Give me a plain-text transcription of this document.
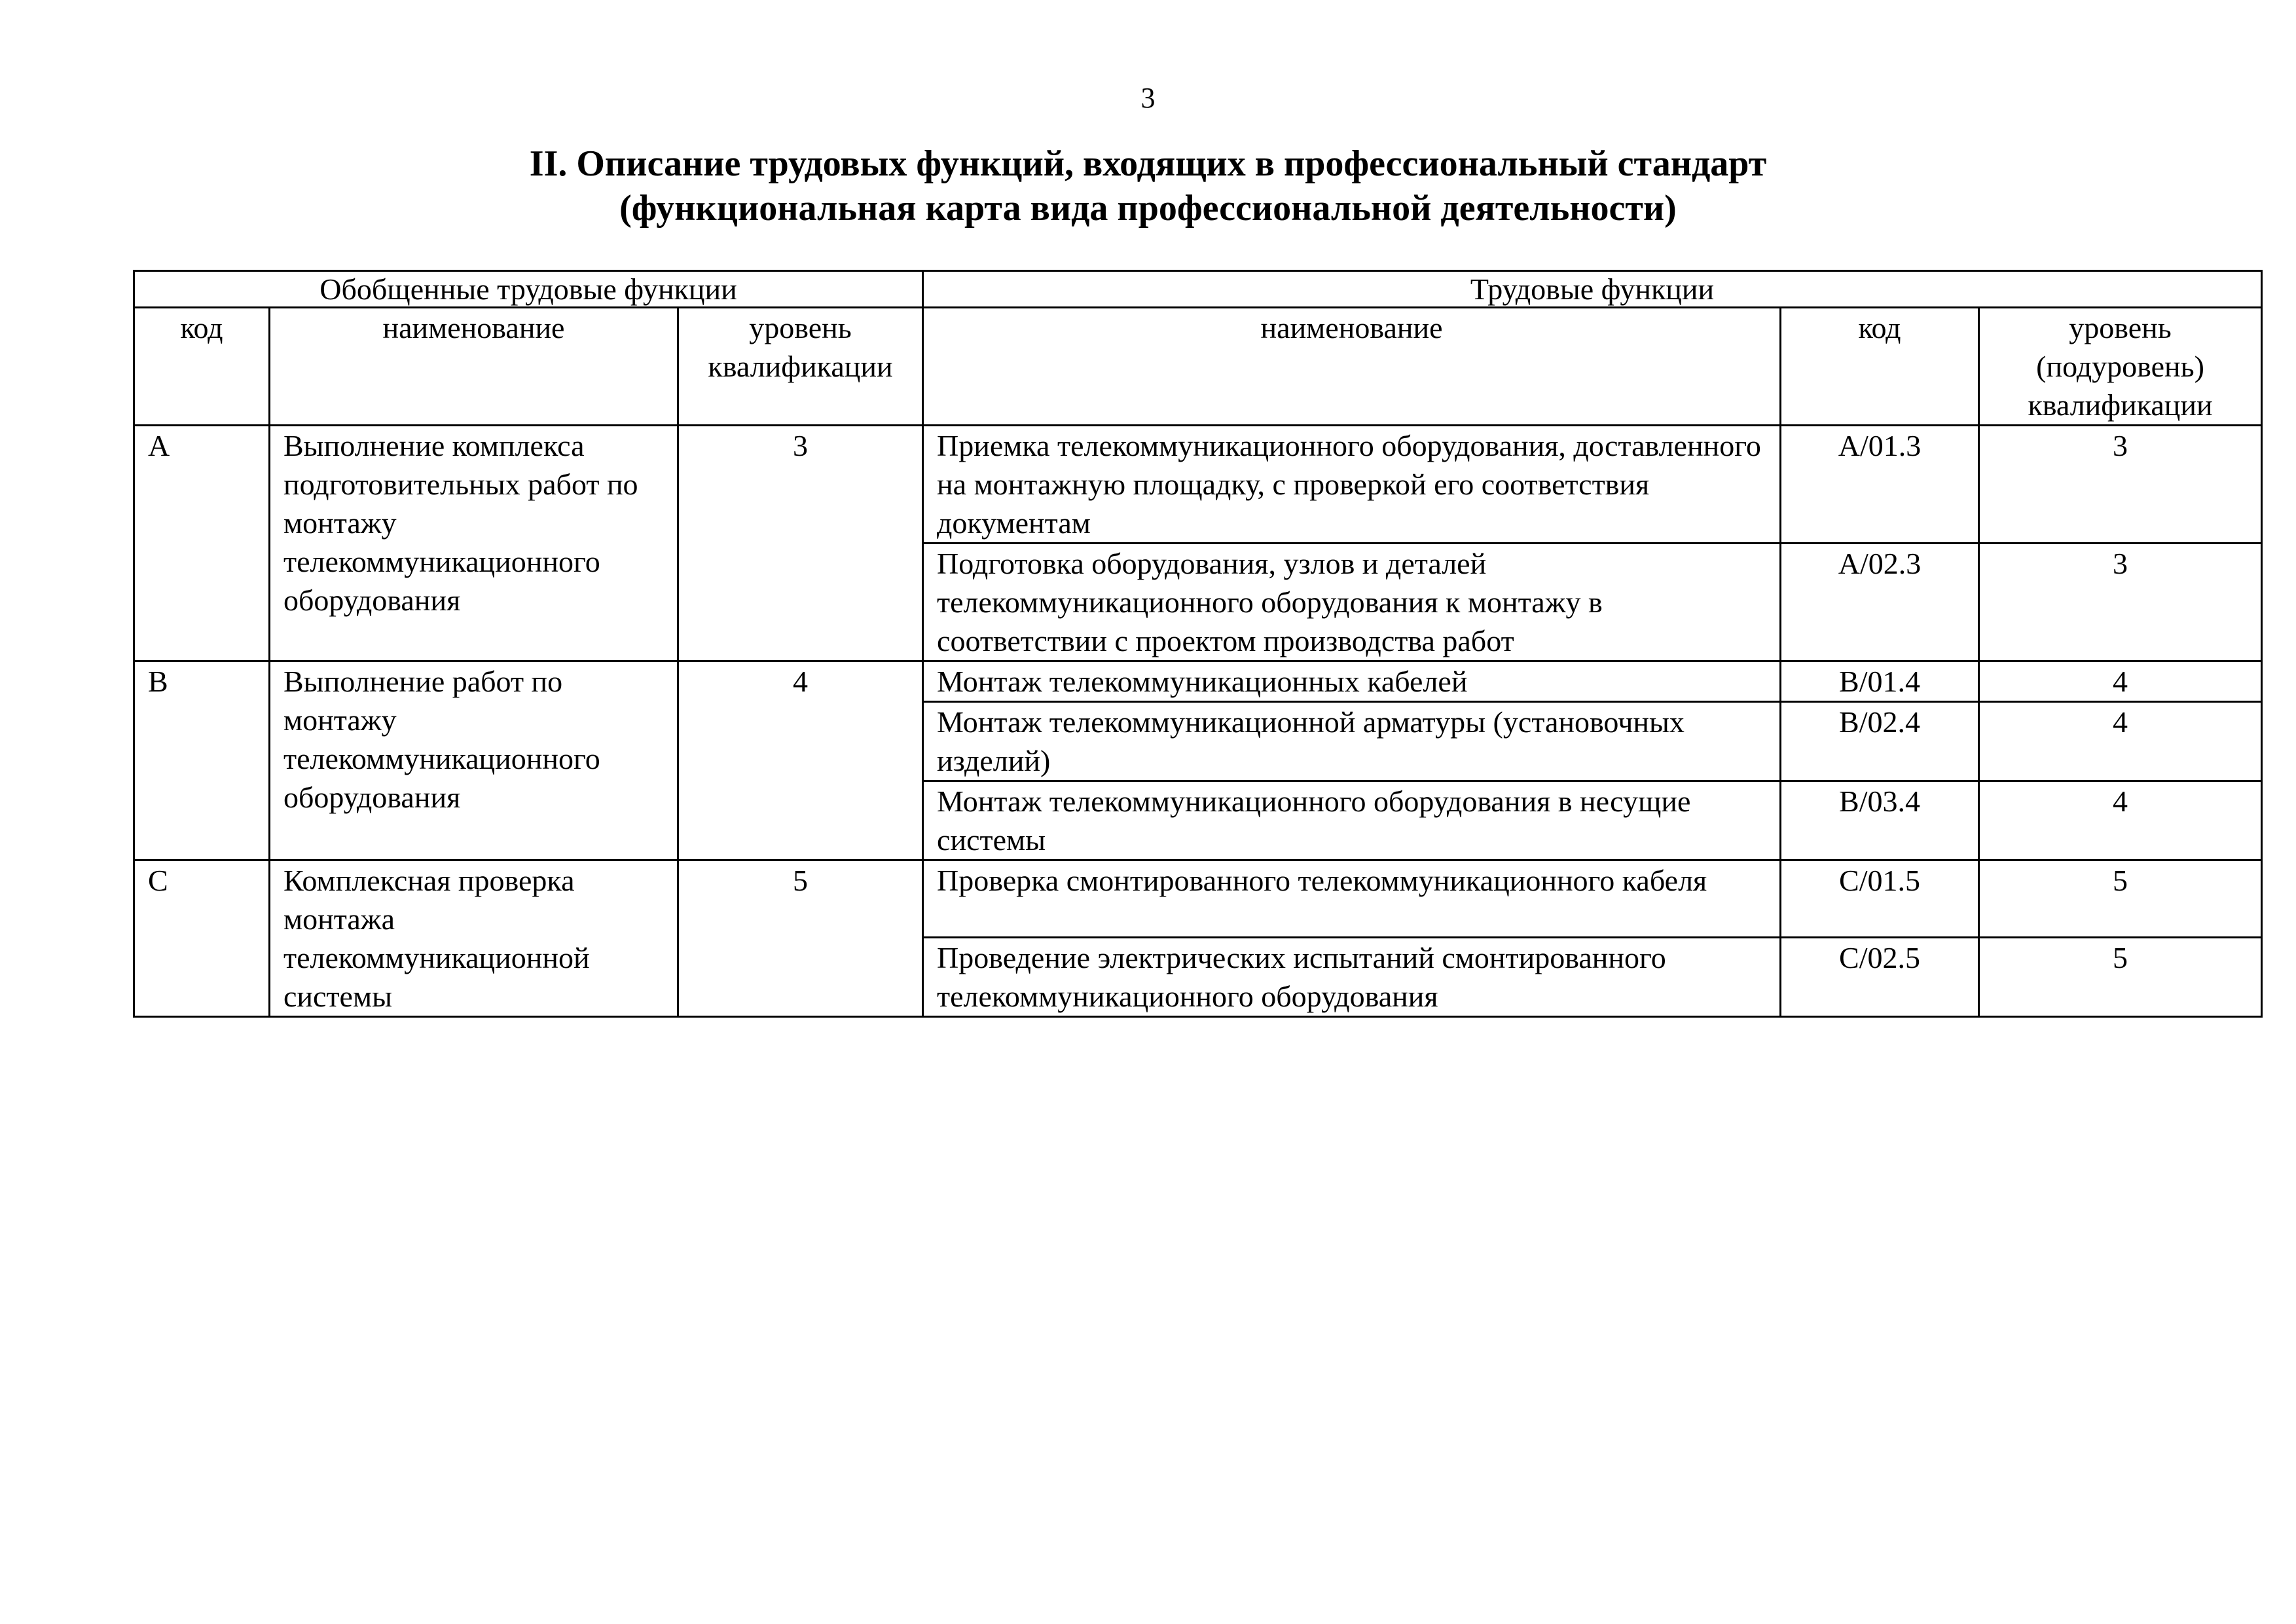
3
II. Описание трудовых функций, входящих в профессиональный стандарт
(функциональная карта вида профессиональной деятельности)
Обобщенные трудовые функции			Трудовые функции		
код	наименование	уровень квалификации	наименование	код	уровень (подуровень) квалификации
A	Выполнение комплекса подготовительных работ по монтажу телекоммуникационного оборудования	3	Приемка телекоммуникационного оборудования, доставленного на монтажную площадку, с проверкой его соответствия документам	A/01.3	3
			Подготовка оборудования, узлов и деталей телекоммуникационного оборудования к монтажу в соответствии с проектом производства работ	A/02.3	3
B	Выполнение работ по монтажу телекоммуникационного оборудования	4	Монтаж телекоммуникационных кабелей	B/01.4	4
			Монтаж телекоммуникационной арматуры (установочных изделий)	B/02.4	4
			Монтаж телекоммуникационного оборудования в несущие системы	B/03.4	4
C	Комплексная проверка монтажа телекоммуникационной системы	5	Проверка смонтированного телекоммуникационного кабеля	C/01.5	5
			Проведение электрических испытаний смонтированного телекоммуникационного оборудования	C/02.5	5
